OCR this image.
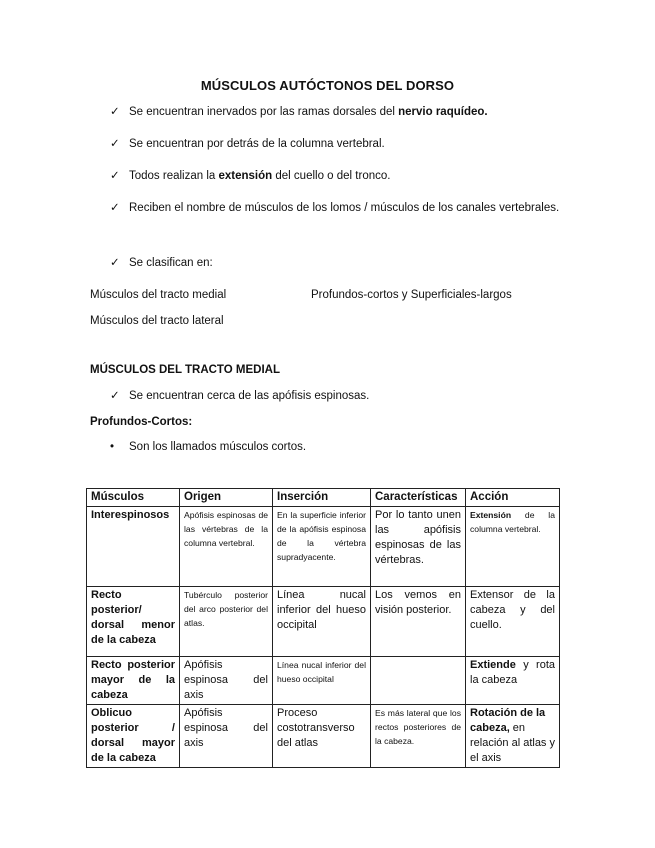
MÚSCULOS AUTÓCTONOS DEL DORSO
✓ Se encuentran inervados por las ramas dorsales del nervio raquídeo.
✓ Se encuentran por detrás de la columna vertebral.
✓ Todos realizan la extensión del cuello o del tronco.
✓ Reciben el nombre de músculos de los lomos / músculos de los canales vertebrales.
✓ Se clasifican en:
Músculos del tracto medial	Profundos-cortos y Superficiales-largos
Músculos del tracto lateral
MÚSCULOS DEL TRACTO MEDIAL
✓ Se encuentran cerca de las apófisis espinosas.
Profundos-Cortos:
•	Son los llamados músculos cortos.
Músculos	Origen	Inserción	Características	Acción
Interespinosos	Apófisis espinosas de las vértebras de la columna vertebral.	En la superficie inferior de la apófisis espinosa de la vértebra supradyacente.	Por lo tanto unen las apófisis espinosas de las vértebras.	Extensión de la columna vertebral.
Recto posterior/ dorsal menor de la cabeza	Tubérculo posterior del arco posterior del atlas.	Línea nucal inferior del hueso occipital	Los vemos en visión posterior.	Extensor de la cabeza y del cuello.
Recto posterior mayor de la cabeza	Apófisis espinosa del axis	Línea nucal inferior del hueso occipital		Extiende y rota la cabeza
Oblicuo posterior / dorsal mayor de la cabeza	Apófisis espinosa del axis	Proceso costotransverso del atlas	Es más lateral que los rectos posteriores de la cabeza.	Rotación de la cabeza, en relación al atlas y el axis
